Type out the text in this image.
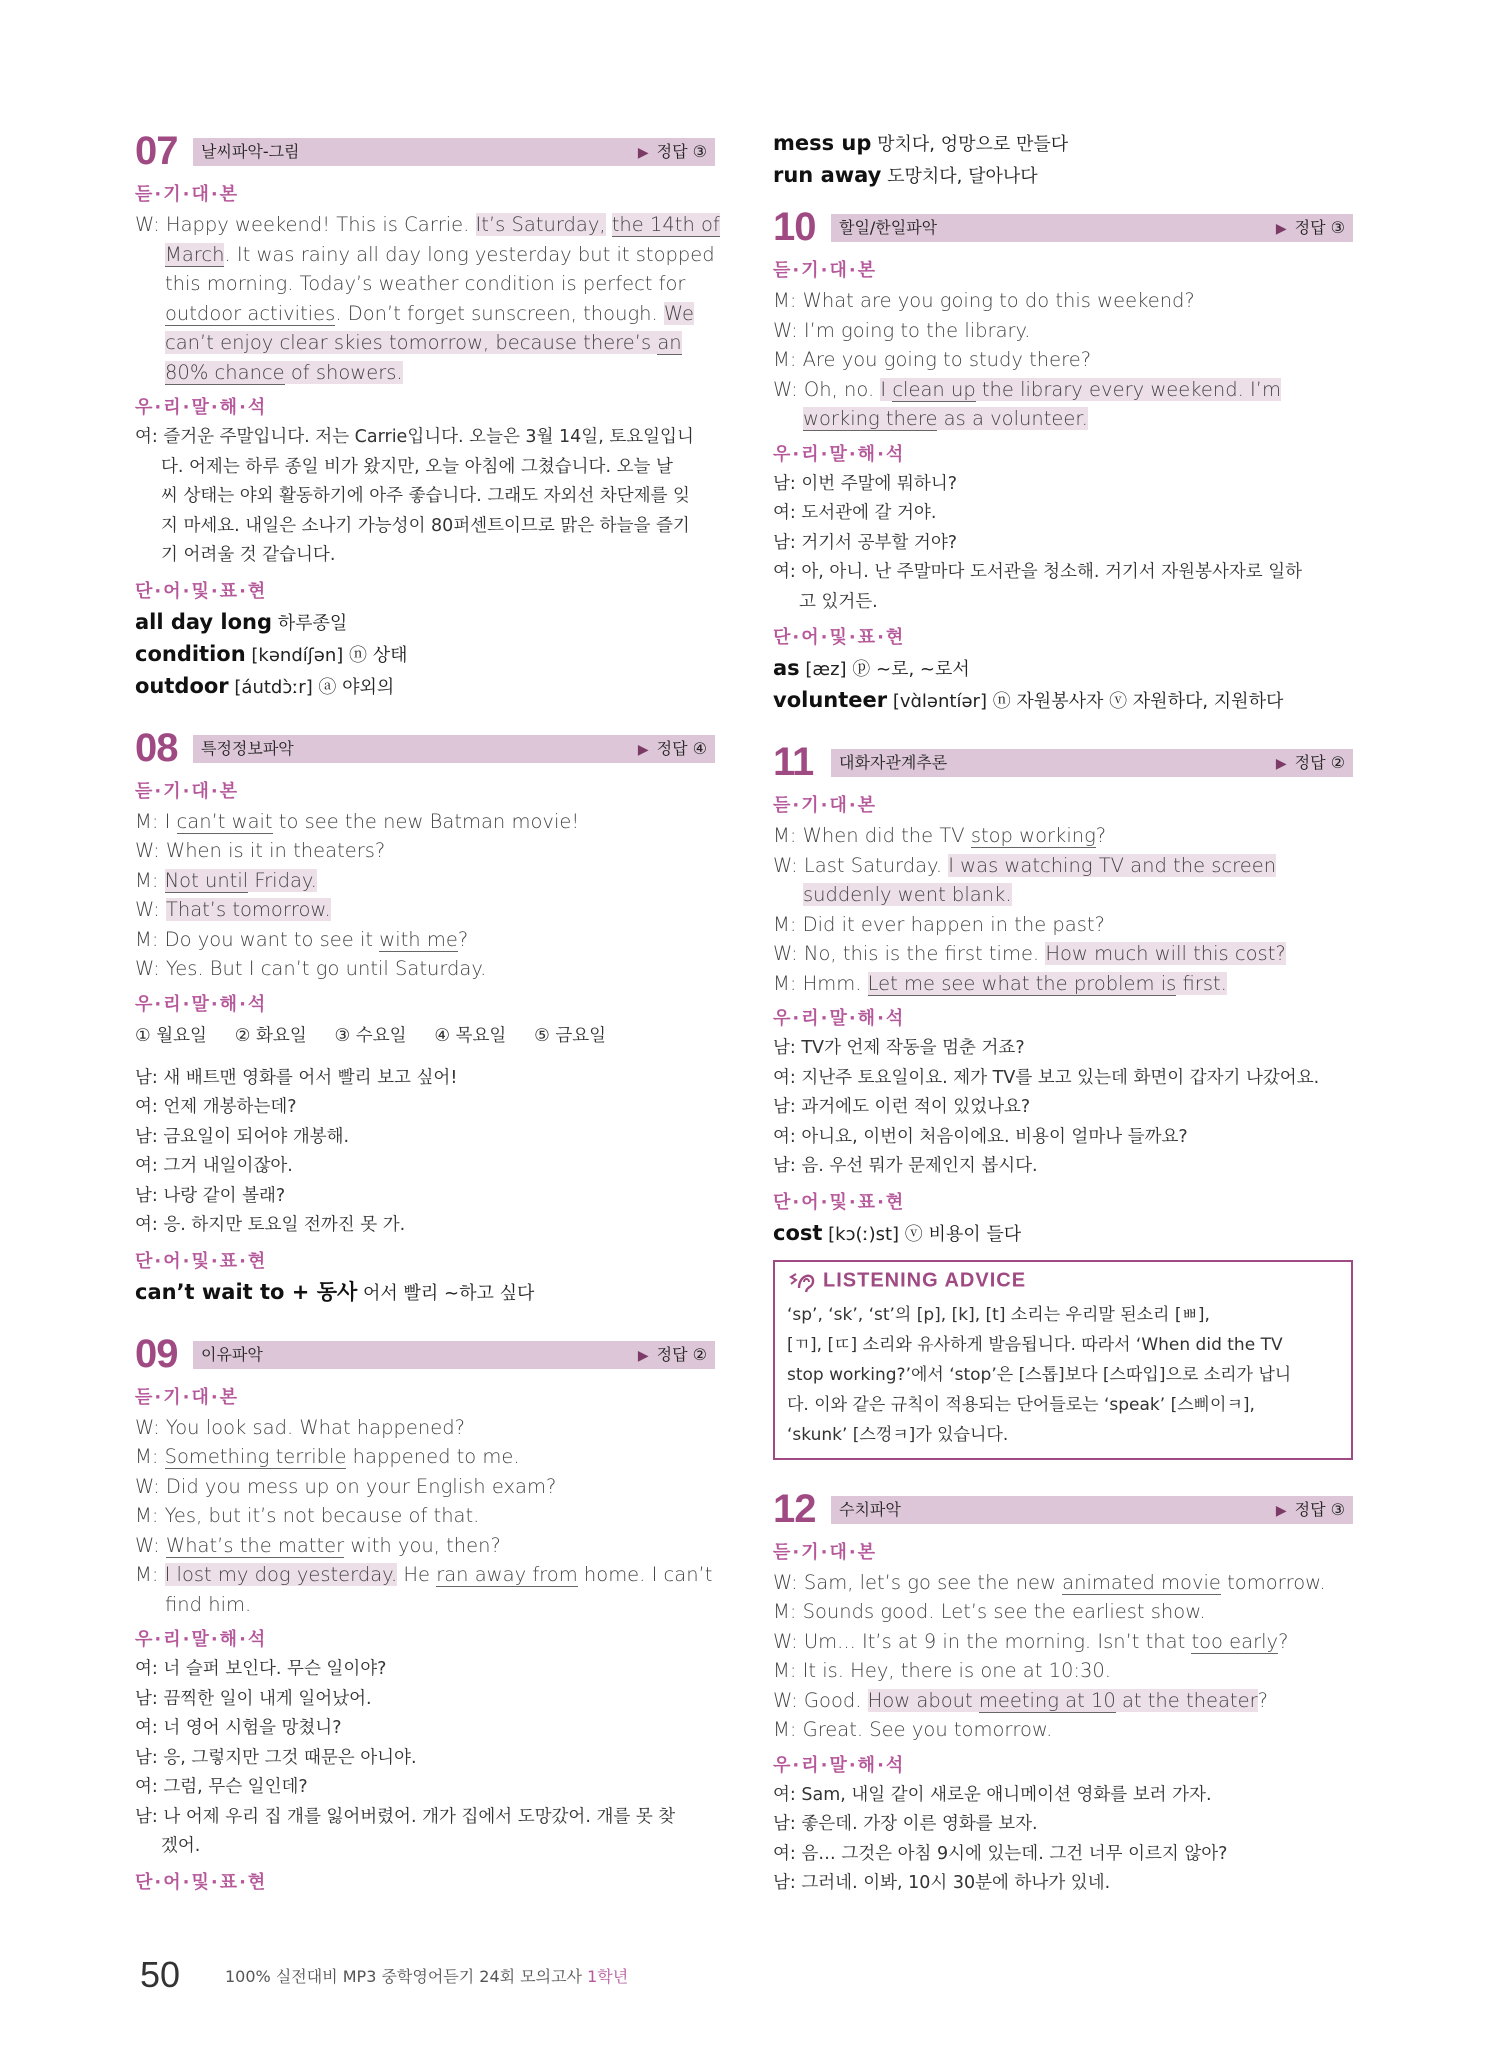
07 날씨파악-그림	▶ 정답 ③
듣·기·대·본
W: Happy weekend! This is Carrie. It’s Saturday, the 14th of
March. It was rainy all day long yesterday but it stopped
this morning. Today’s weather condition is perfect for
outdoor activities. Don’t forget sunscreen, though. We
can’t enjoy clear skies tomorrow, because there’s an
80% chance of showers.
우·리·말·해·석
여: 즐거운 주말입니다. 저는 Carrie입니다. 오늘은 3월 14일, 토요일입니
다. 어제는 하루 종일 비가 왔지만, 오늘 아침에 그쳤습니다. 오늘 날
씨 상태는 야외 활동하기에 아주 좋습니다. 그래도 자외선 차단제를 잊
지 마세요. 내일은 소나기 가능성이 80퍼센트이므로 맑은 하늘을 즐기
기 어려울 것 같습니다.
단·어·및·표·현
all day long 하루종일
condition [kəndíʃən] ⓝ 상태
outdoor [áutdɔ̀ːr] ⓐ 야외의
08 특정정보파악	▶ 정답 ④
듣·기·대·본
M: I can’t wait to see the new Batman movie!
W: When is it in theaters?
M: Not until Friday.
W: That’s tomorrow.
M: Do you want to see it with me?
W: Yes. But I can’t go until Saturday.
우·리·말·해·석
① 월요일     ② 화요일     ③ 수요일     ④ 목요일     ⑤ 금요일
남: 새 배트맨 영화를 어서 빨리 보고 싶어!
여: 언제 개봉하는데?
남: 금요일이 되어야 개봉해.
여: 그거 내일이잖아.
남: 나랑 같이 볼래?
여: 응. 하지만 토요일 전까진 못 가.
단·어·및·표·현
can’t wait to + 동사 어서 빨리 ~하고 싶다
09 이유파악	▶ 정답 ②
듣·기·대·본
W: You look sad. What happened?
M: Something terrible happened to me.
W: Did you mess up on your English exam?
M: Yes, but it’s not because of that.
W: What’s the matter with you, then?
M: I lost my dog yesterday. He ran away from home. I can’t
find him.
우·리·말·해·석
여: 너 슬퍼 보인다. 무슨 일이야?
남: 끔찍한 일이 내게 일어났어.
여: 너 영어 시험을 망쳤니?
남: 응, 그렇지만 그것 때문은 아니야.
여: 그럼, 무슨 일인데?
남: 나 어제 우리 집 개를 잃어버렸어. 개가 집에서 도망갔어. 개를 못 찾
겠어.
단·어·및·표·현
mess up 망치다, 엉망으로 만들다
run away 도망치다, 달아나다
10 할일/한일파악	▶ 정답 ③
듣·기·대·본
M: What are you going to do this weekend?
W: I’m going to the library.
M: Are you going to study there?
W: Oh, no. I clean up the library every weekend. I’m
working there as a volunteer.
우·리·말·해·석
남: 이번 주말에 뭐하니?
여: 도서관에 갈 거야.
남: 거기서 공부할 거야?
여: 아, 아니. 난 주말마다 도서관을 청소해. 거기서 자원봉사자로 일하
고 있거든.
단·어·및·표·현
as [æz] ⓟ ~로, ~로서
volunteer [vɑ̀ləntíər] ⓝ 자원봉사자 ⓥ 자원하다, 지원하다
11 대화자관계추론	▶ 정답 ②
듣·기·대·본
M: When did the TV stop working?
W: Last Saturday. I was watching TV and the screen
suddenly went blank.
M: Did it ever happen in the past?
W: No, this is the first time. How much will this cost?
M: Hmm. Let me see what the problem is first.
우·리·말·해·석
남: TV가 언제 작동을 멈춘 거죠?
여: 지난주 토요일이요. 제가 TV를 보고 있는데 화면이 갑자기 나갔어요.
남: 과거에도 이런 적이 있었나요?
여: 아니요, 이번이 처음이에요. 비용이 얼마나 들까요?
남: 음. 우선 뭐가 문제인지 봅시다.
단·어·및·표·현
cost [kɔ(ː)st] ⓥ 비용이 들다
LISTENING ADVICE
‘sp’, ‘sk’, ‘st’의 [p], [k], [t] 소리는 우리말 된소리 [ㅃ],
[ㄲ], [ㄸ] 소리와 유사하게 발음됩니다. 따라서 ‘When did the TV
stop working?’에서 ‘stop’은 [스톱]보다 [스따입]으로 소리가 납니
다. 이와 같은 규칙이 적용되는 단어들로는 ‘speak’ [스삐이ㅋ],
‘skunk’ [스껑ㅋ]가 있습니다.
12 수치파악	▶ 정답 ③
듣·기·대·본
W: Sam, let’s go see the new animated movie tomorrow.
M: Sounds good. Let’s see the earliest show.
W: Um... It’s at 9 in the morning. Isn’t that too early?
M: It is. Hey, there is one at 10:30.
W: Good. How about meeting at 10 at the theater?
M: Great. See you tomorrow.
우·리·말·해·석
여: Sam, 내일 같이 새로운 애니메이션 영화를 보러 가자.
남: 좋은데. 가장 이른 영화를 보자.
여: 음… 그것은 아침 9시에 있는데. 그건 너무 이르지 않아?
남: 그러네. 이봐, 10시 30분에 하나가 있네.
50	100% 실전대비 MP3 중학영어듣기 24회 모의고사 1학년
